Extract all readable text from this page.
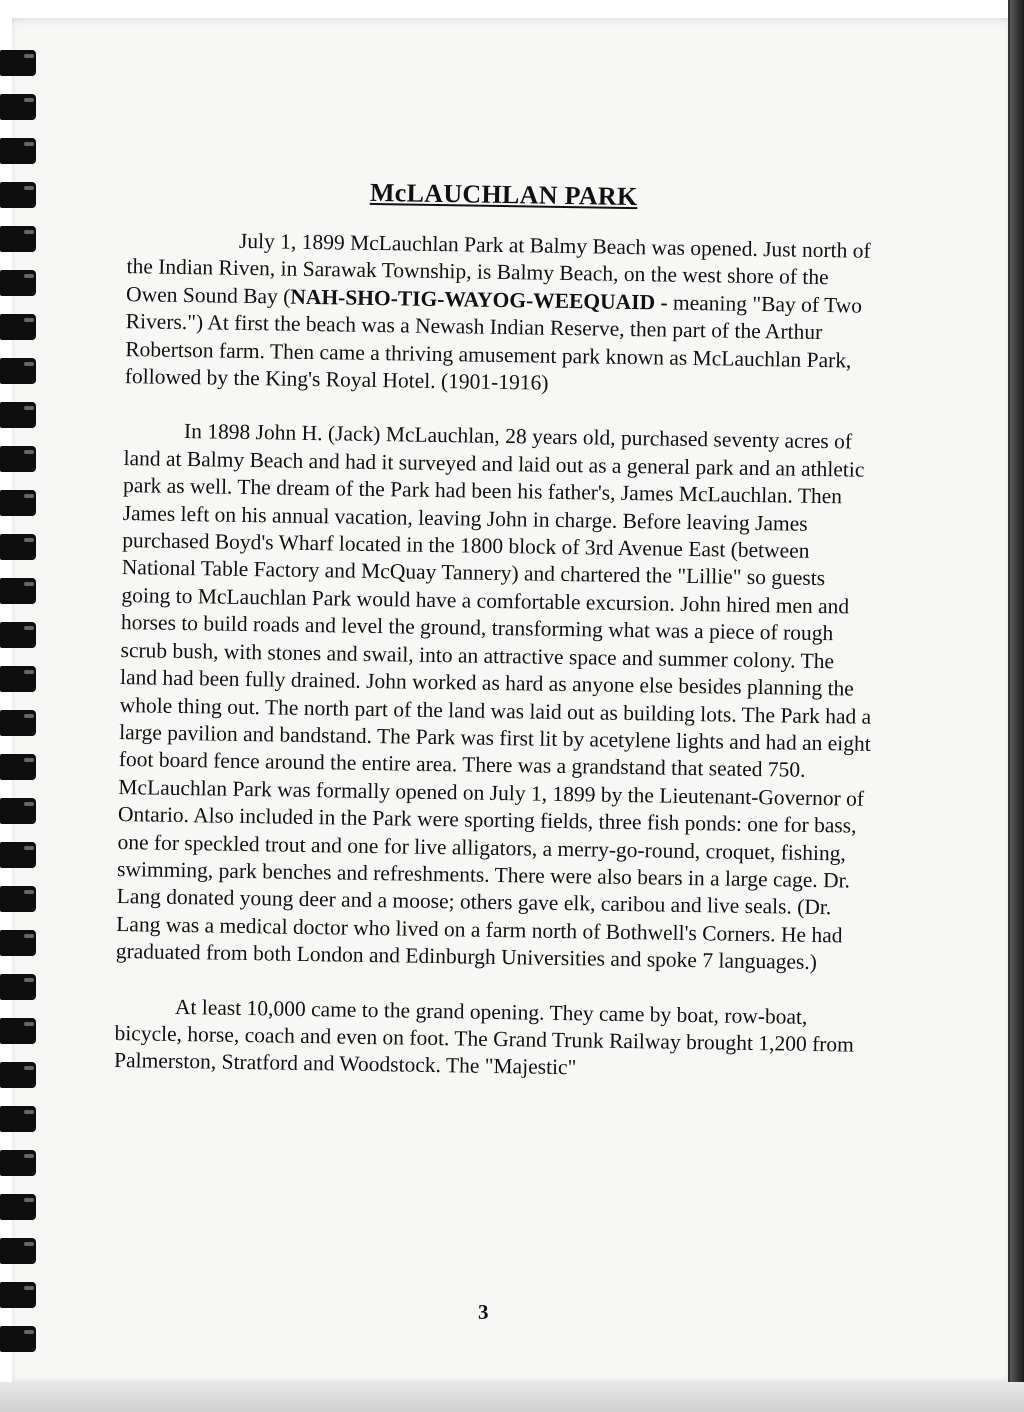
McLAUCHLAN PARK

July 1, 1899 McLauchlan Park at Balmy Beach was opened. Just north of the Indian Riven, in Sarawak Township, is Balmy Beach, on the west shore of the Owen Sound Bay (NAH-SHO-TIG-WAYOG-WEEQUAID - meaning "Bay of Two Rivers.") At first the beach was a Newash Indian Reserve, then part of the Arthur Robertson farm. Then came a thriving amusement park known as McLauchlan Park, followed by the King's Royal Hotel. (1901-1916)

In 1898 John H. (Jack) McLauchlan, 28 years old, purchased seventy acres of land at Balmy Beach and had it surveyed and laid out as a general park and an athletic park as well. The dream of the Park had been his father's, James McLauchlan. Then James left on his annual vacation, leaving John in charge. Before leaving James purchased Boyd's Wharf located in the 1800 block of 3rd Avenue East (between National Table Factory and McQuay Tannery) and chartered the "Lillie" so guests going to McLauchlan Park would have a comfortable excursion. John hired men and horses to build roads and level the ground, transforming what was a piece of rough scrub bush, with stones and swail, into an attractive space and summer colony. The land had been fully drained. John worked as hard as anyone else besides planning the whole thing out. The north part of the land was laid out as building lots. The Park had a large pavilion and bandstand. The Park was first lit by acetylene lights and had an eight foot board fence around the entire area. There was a grandstand that seated 750. McLauchlan Park was formally opened on July 1, 1899 by the Lieutenant-Governor of Ontario. Also included in the Park were sporting fields, three fish ponds: one for bass, one for speckled trout and one for live alligators, a merry-go-round, croquet, fishing, swimming, park benches and refreshments. There were also bears in a large cage. Dr. Lang donated young deer and a moose; others gave elk, caribou and live seals. (Dr. Lang was a medical doctor who lived on a farm north of Bothwell's Corners. He had graduated from both London and Edinburgh Universities and spoke 7 languages.)

At least 10,000 came to the grand opening. They came by boat, row-boat, bicycle, horse, coach and even on foot. The Grand Trunk Railway brought 1,200 from Palmerston, Stratford and Woodstock. The "Majestic"

3
